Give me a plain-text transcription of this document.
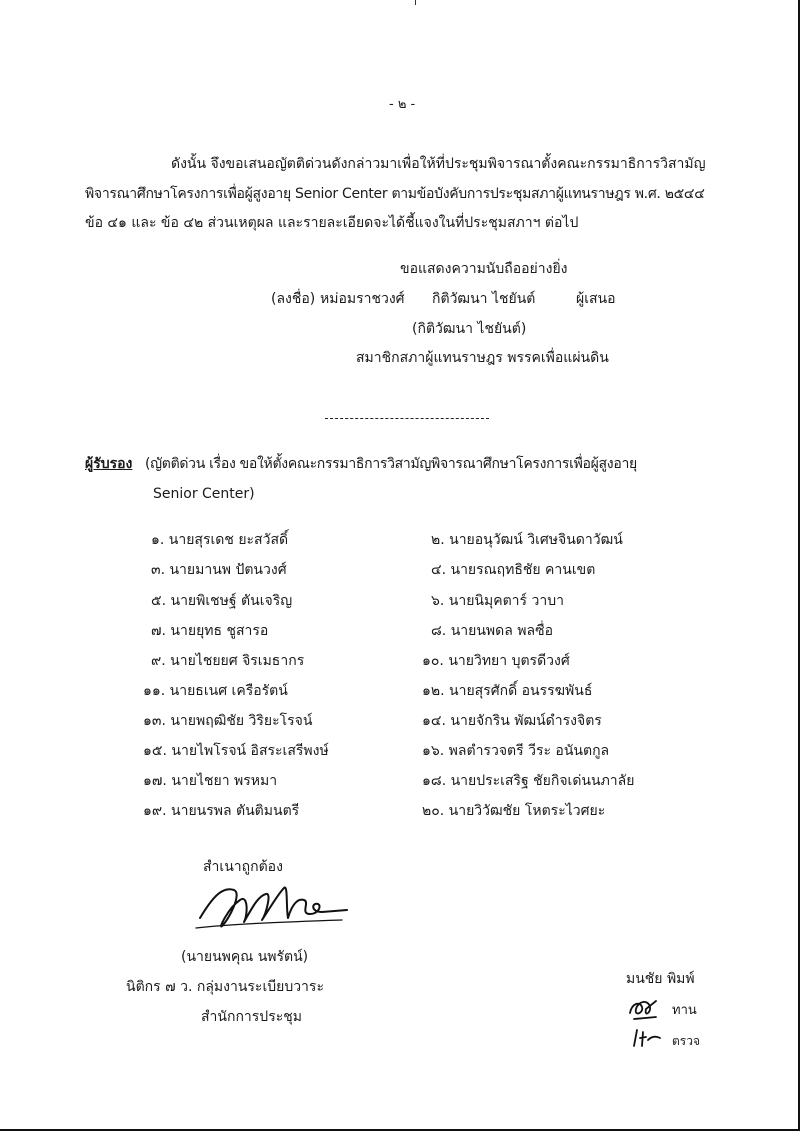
- ๒ -
ดังนั้น จึงขอเสนอญัตติด่วนดังกล่าวมาเพื่อให้ที่ประชุมพิจารณาตั้งคณะกรรมาธิการวิสามัญ
พิจารณาศึกษาโครงการเพื่อผู้สูงอายุ Senior Center ตามข้อบังคับการประชุมสภาผู้แทนราษฎร พ.ศ. ๒๕๔๔
ข้อ ๔๑ และ ข้อ ๔๒ ส่วนเหตุผล และรายละเอียดจะได้ชี้แจงในที่ประชุมสภาฯ ต่อไป
ขอแสดงความนับถืออย่างยิ่ง
(ลงชื่อ) หม่อมราชวงศ์ กิติวัฒนา ไชยันต์	ผู้เสนอ
(กิติวัฒนา ไชยันต์)
สมาชิกสภาผู้แทนราษฎร พรรคเพื่อแผ่นดิน
ผู้รับรอง (ญัตติด่วน เรื่อง ขอให้ตั้งคณะกรรมาธิการวิสามัญพิจารณาศึกษาโครงการเพื่อผู้สูงอายุ
Senior Center)
๑. นายสุรเดช ยะสวัสดิ์
๓. นายมานพ ปัตนวงศ์
๕. นายพิเชษฐ์ ตันเจริญ
๗. นายยุทธ ชูสารอ
๙. นายไชยยศ จิรเมธากร
๑๑. นายธเนศ เครือรัตน์
๑๓. นายพฤฒิชัย วิริยะโรจน์
๑๕. นายไพโรจน์ อิสระเสรีพงษ์
๑๗. นายไชยา พรหมา
๑๙. นายนรพล ตันติมนตรี
๒. นายอนุวัฒน์ วิเศษจินดาวัฒน์
๔. นายรณฤทธิชัย คานเขต
๖. นายนิมุคตาร์ วาบา
๘. นายนพดล พลซื่อ
๑๐. นายวิทยา บุตรดีวงศ์
๑๒. นายสุรศักดิ์ อนรรฆพันธ์
๑๔. นายจักริน พัฒน์ดำรงจิตร
๑๖. พลตำรวจตรี วีระ อนันตกูล
๑๘. นายประเสริฐ ชัยกิจเด่นนภาลัย
๒๐. นายวิวัฒชัย โหตระไวศยะ
สำเนาถูกต้อง
(นายนพคุณ นพรัตน์)
นิติกร ๗ ว. กลุ่มงานระเบียบวาระ
สำนักการประชุม
มนชัย พิมพ์
ทาน
ตรวจ
